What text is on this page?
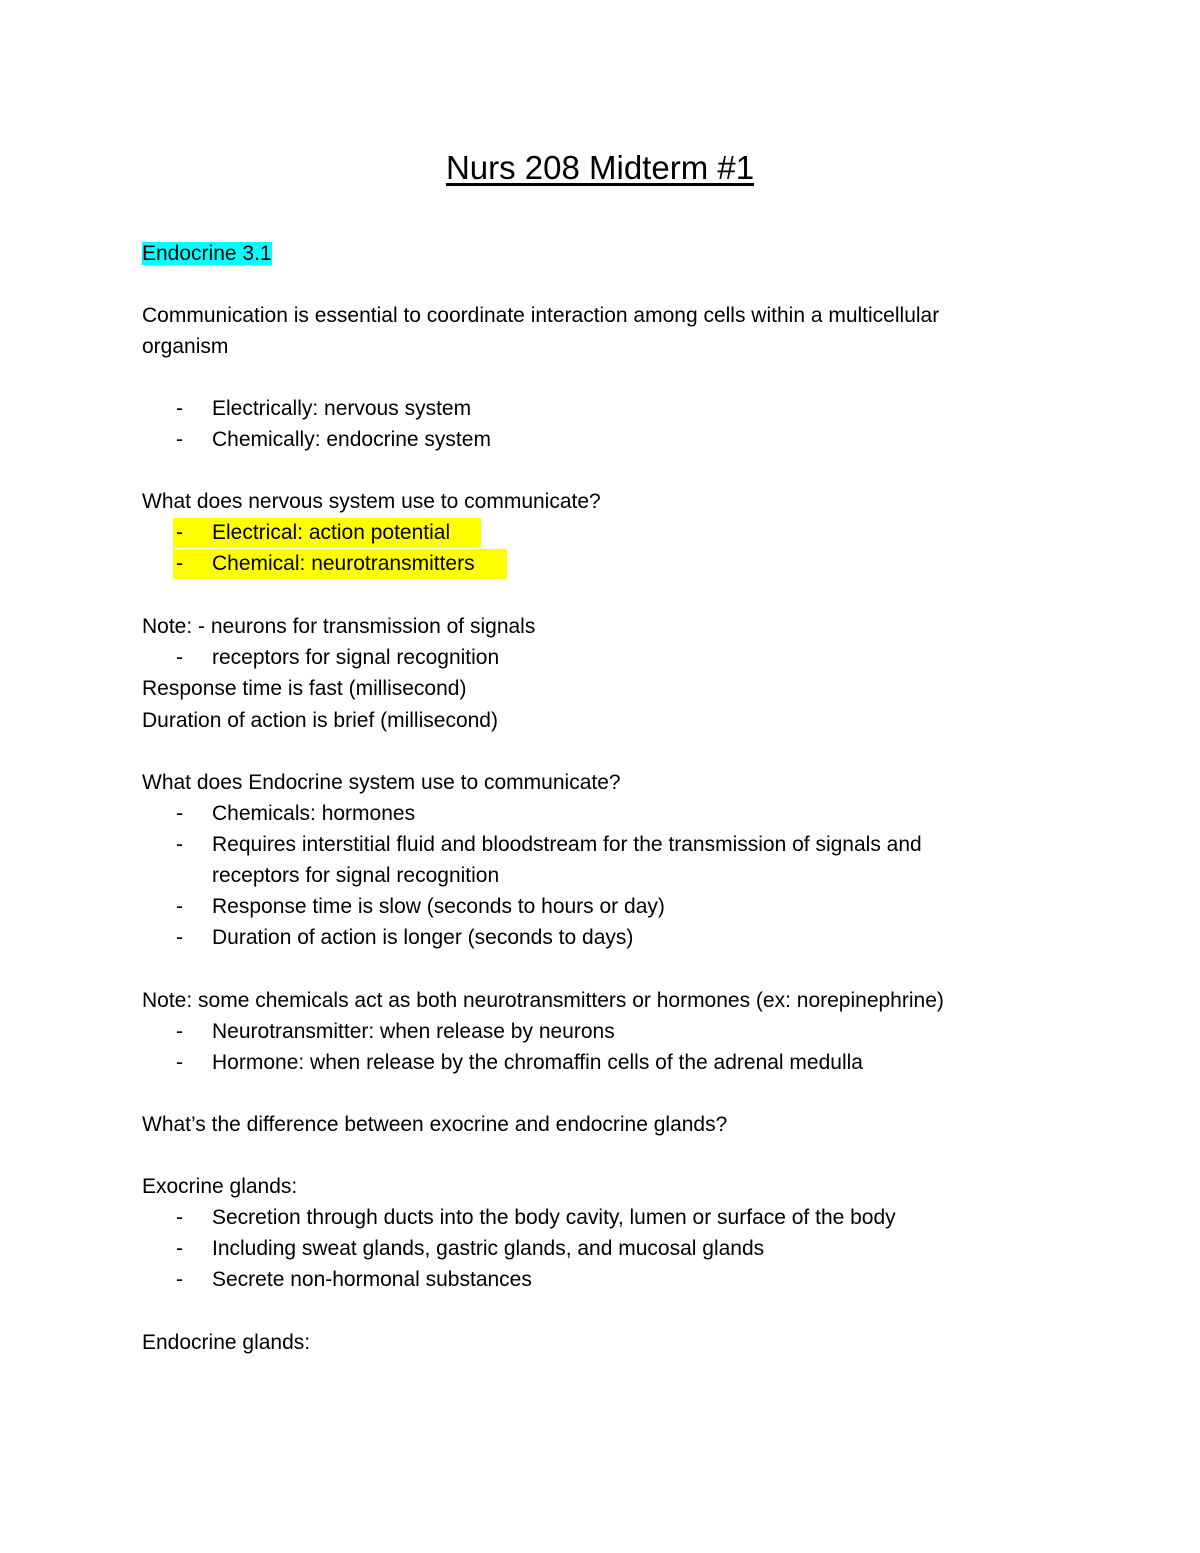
Nurs 208 Midterm #1
Endocrine 3.1
Communication is essential to coordinate interaction among cells within a multicellular
organism
- Electrically: nervous system
- Chemically: endocrine system
What does nervous system use to communicate?
- Electrical: action potential
- Chemical: neurotransmitters
Note: - neurons for transmission of signals
- receptors for signal recognition
Response time is fast (millisecond)
Duration of action is brief (millisecond)
What does Endocrine system use to communicate?
- Chemicals: hormones
- Requires interstitial fluid and bloodstream for the transmission of signals and
receptors for signal recognition
- Response time is slow (seconds to hours or day)
- Duration of action is longer (seconds to days)
Note: some chemicals act as both neurotransmitters or hormones (ex: norepinephrine)
- Neurotransmitter: when release by neurons
- Hormone: when release by the chromaffin cells of the adrenal medulla
What’s the difference between exocrine and endocrine glands?
Exocrine glands:
- Secretion through ducts into the body cavity, lumen or surface of the body
- Including sweat glands, gastric glands, and mucosal glands
- Secrete non-hormonal substances
Endocrine glands:
